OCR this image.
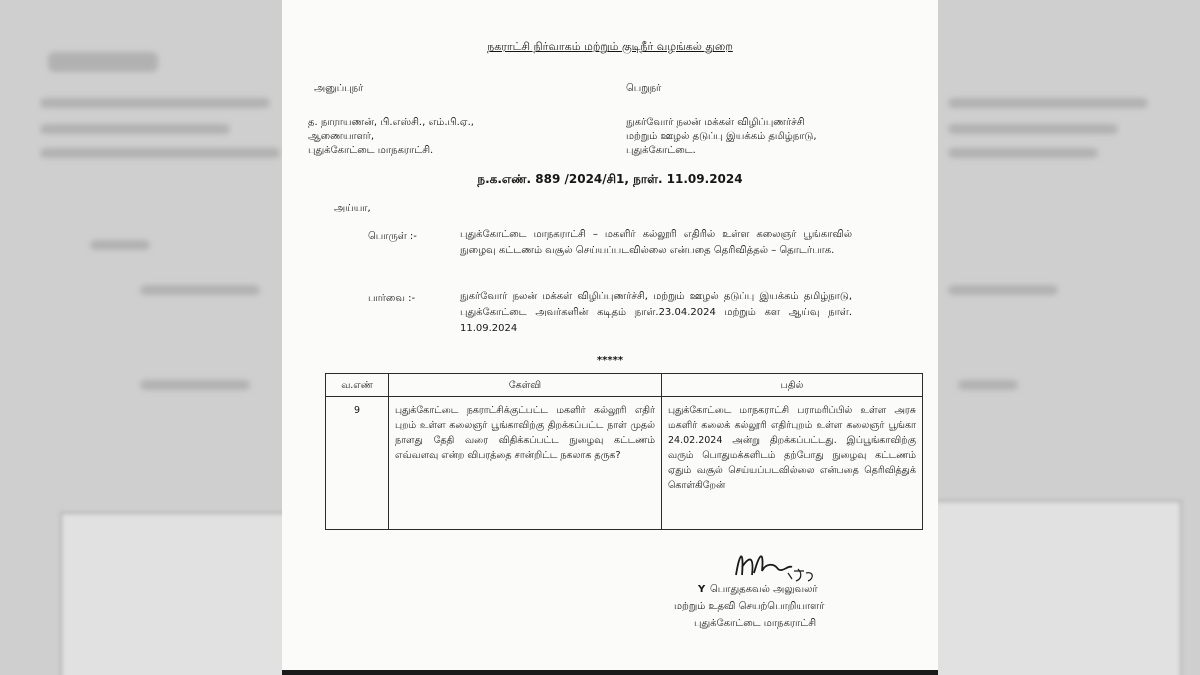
நகராட்சி நிர்வாகம் மற்றும் குடிநீர் வழங்கல் துறை
அனுப்புநர்
த. நாராயணன், பி.எஸ்சி., எம்.பி.ஏ.,
ஆணையாளர்,
புதுக்கோட்டை மாநகராட்சி.
பெறுநர்
நுகர்வோர் நலன் மக்கள் விழிப்புணர்ச்சி
மற்றும் ஊழல் தடுப்பு இயக்கம் தமிழ்நாடு,
புதுக்கோட்டை.
ந.க.எண். 889 /2024/சி1, நாள். 11.09.2024
அய்யா,
பொருள் :-	புதுக்கோட்டை மாநகராட்சி – மகளிர் கல்லூரி எதிரில் உள்ள கலைஞர் பூங்காவில் நுழைவு கட்டணம் வசூல் செய்யப்படவில்லை என்பதை தெரிவித்தல் – தொடர்பாக.
பார்வை :-	நுகர்வோர் நலன் மக்கள் விழிப்புணர்ச்சி, மற்றும் ஊழல் தடுப்பு இயக்கம் தமிழ்நாடு, புதுக்கோட்டை அவர்களின் கடிதம் நாள்.23.04.2024 மற்றும் கள ஆய்வு நாள். 11.09.2024
*****
வ.எண்	கேள்வி	பதில்
9	புதுக்கோட்டை நகராட்சிக்குட்பட்ட மகளிர் கல்லூரி எதிர் புறம் உள்ள கலைஞர் பூங்காவிற்கு திறக்கப்பட்ட நாள் முதல் நாளது தேதி வரை விதிக்கப்பட்ட நுழைவு கட்டணம் எவ்வளவு என்ற விபரத்தை சான்றிட்ட நகலாக தருக?	புதுக்கோட்டை மாநகராட்சி பராமரிப்பில் உள்ள அரசு மகளிர் கலைக் கல்லூரி எதிர்புறம் உள்ள கலைஞர் பூங்கா 24.02.2024 அன்று திறக்கப்பட்டது. இப்பூங்காவிற்கு வரும் பொதுமக்களிடம் தற்போது நுழைவு கட்டணம் ஏதும் வசூல் செய்யப்படவில்லை என்பதை தெரிவித்துக் கொள்கிறேன்
Y பொதுதகவல் அலுவலர்
மற்றும் உதவி செயற்பொறியாளர்
புதுக்கோட்டை மாநகராட்சி
